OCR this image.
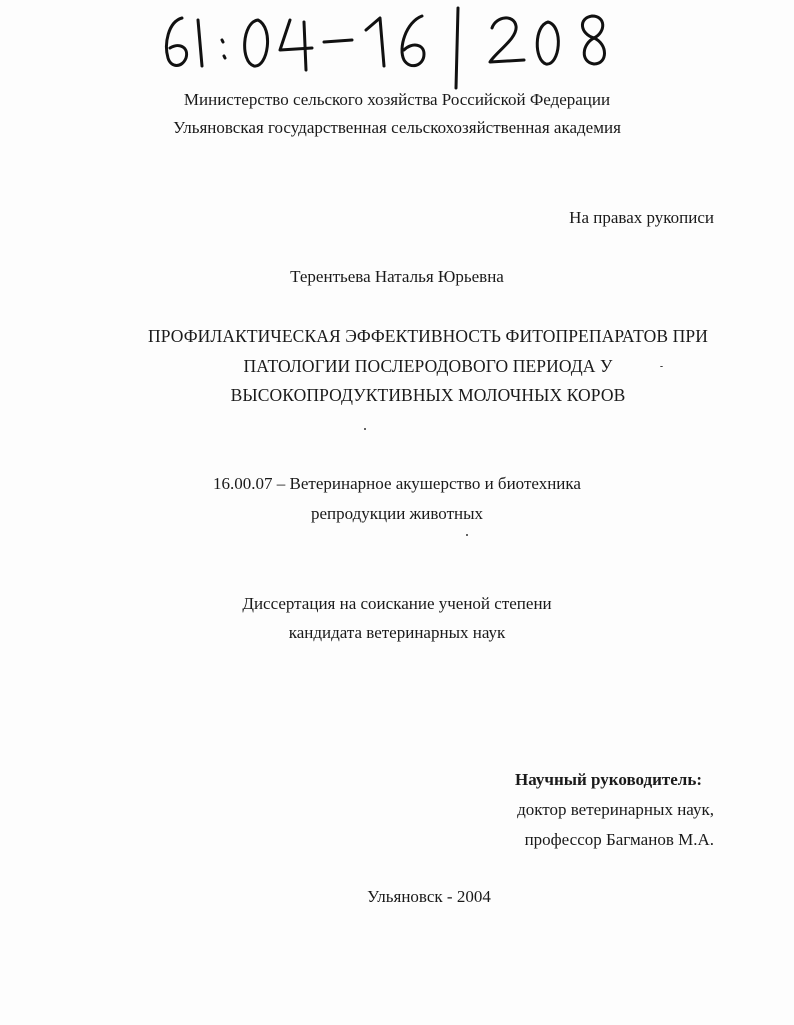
Министерство сельского хозяйства Российской Федерации
Ульяновская государственная сельскохозяйственная академия
На правах рукописи
Терентьева Наталья Юрьевна
ПРОФИЛАКТИЧЕСКАЯ ЭФФЕКТИВНОСТЬ ФИТОПРЕПАРАТОВ ПРИ
ПАТОЛОГИИ ПОСЛЕРОДОВОГО ПЕРИОДА У
ВЫСОКОПРОДУКТИВНЫХ МОЛОЧНЫХ КОРОВ
16.00.07 – Ветеринарное акушерство и биотехника
репродукции животных
Диссертация на соискание ученой степени
кандидата ветеринарных наук
Научный руководитель:
доктор ветеринарных наук,
профессор Багманов М.А.
Ульяновск - 2004
